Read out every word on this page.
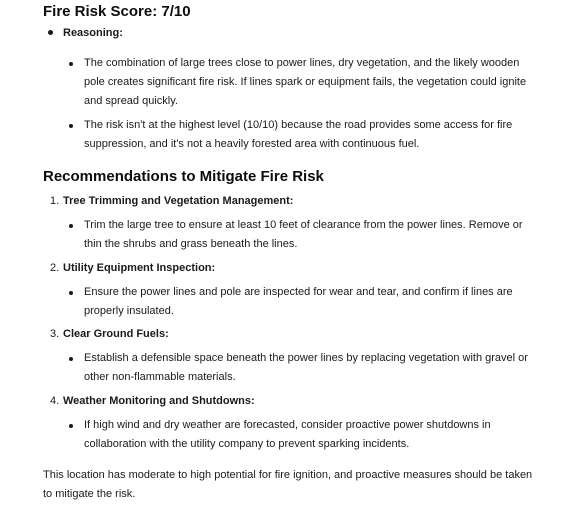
Fire Risk Score: 7/10
Reasoning:
The combination of large trees close to power lines, dry vegetation, and the likely wooden pole creates significant fire risk. If lines spark or equipment fails, the vegetation could ignite and spread quickly.
The risk isn't at the highest level (10/10) because the road provides some access for fire suppression, and it's not a heavily forested area with continuous fuel.
Recommendations to Mitigate Fire Risk
1. Tree Trimming and Vegetation Management:
Trim the large tree to ensure at least 10 feet of clearance from the power lines. Remove or thin the shrubs and grass beneath the lines.
2. Utility Equipment Inspection:
Ensure the power lines and pole are inspected for wear and tear, and confirm if lines are properly insulated.
3. Clear Ground Fuels:
Establish a defensible space beneath the power lines by replacing vegetation with gravel or other non-flammable materials.
4. Weather Monitoring and Shutdowns:
If high wind and dry weather are forecasted, consider proactive power shutdowns in collaboration with the utility company to prevent sparking incidents.
This location has moderate to high potential for fire ignition, and proactive measures should be taken to mitigate the risk.
